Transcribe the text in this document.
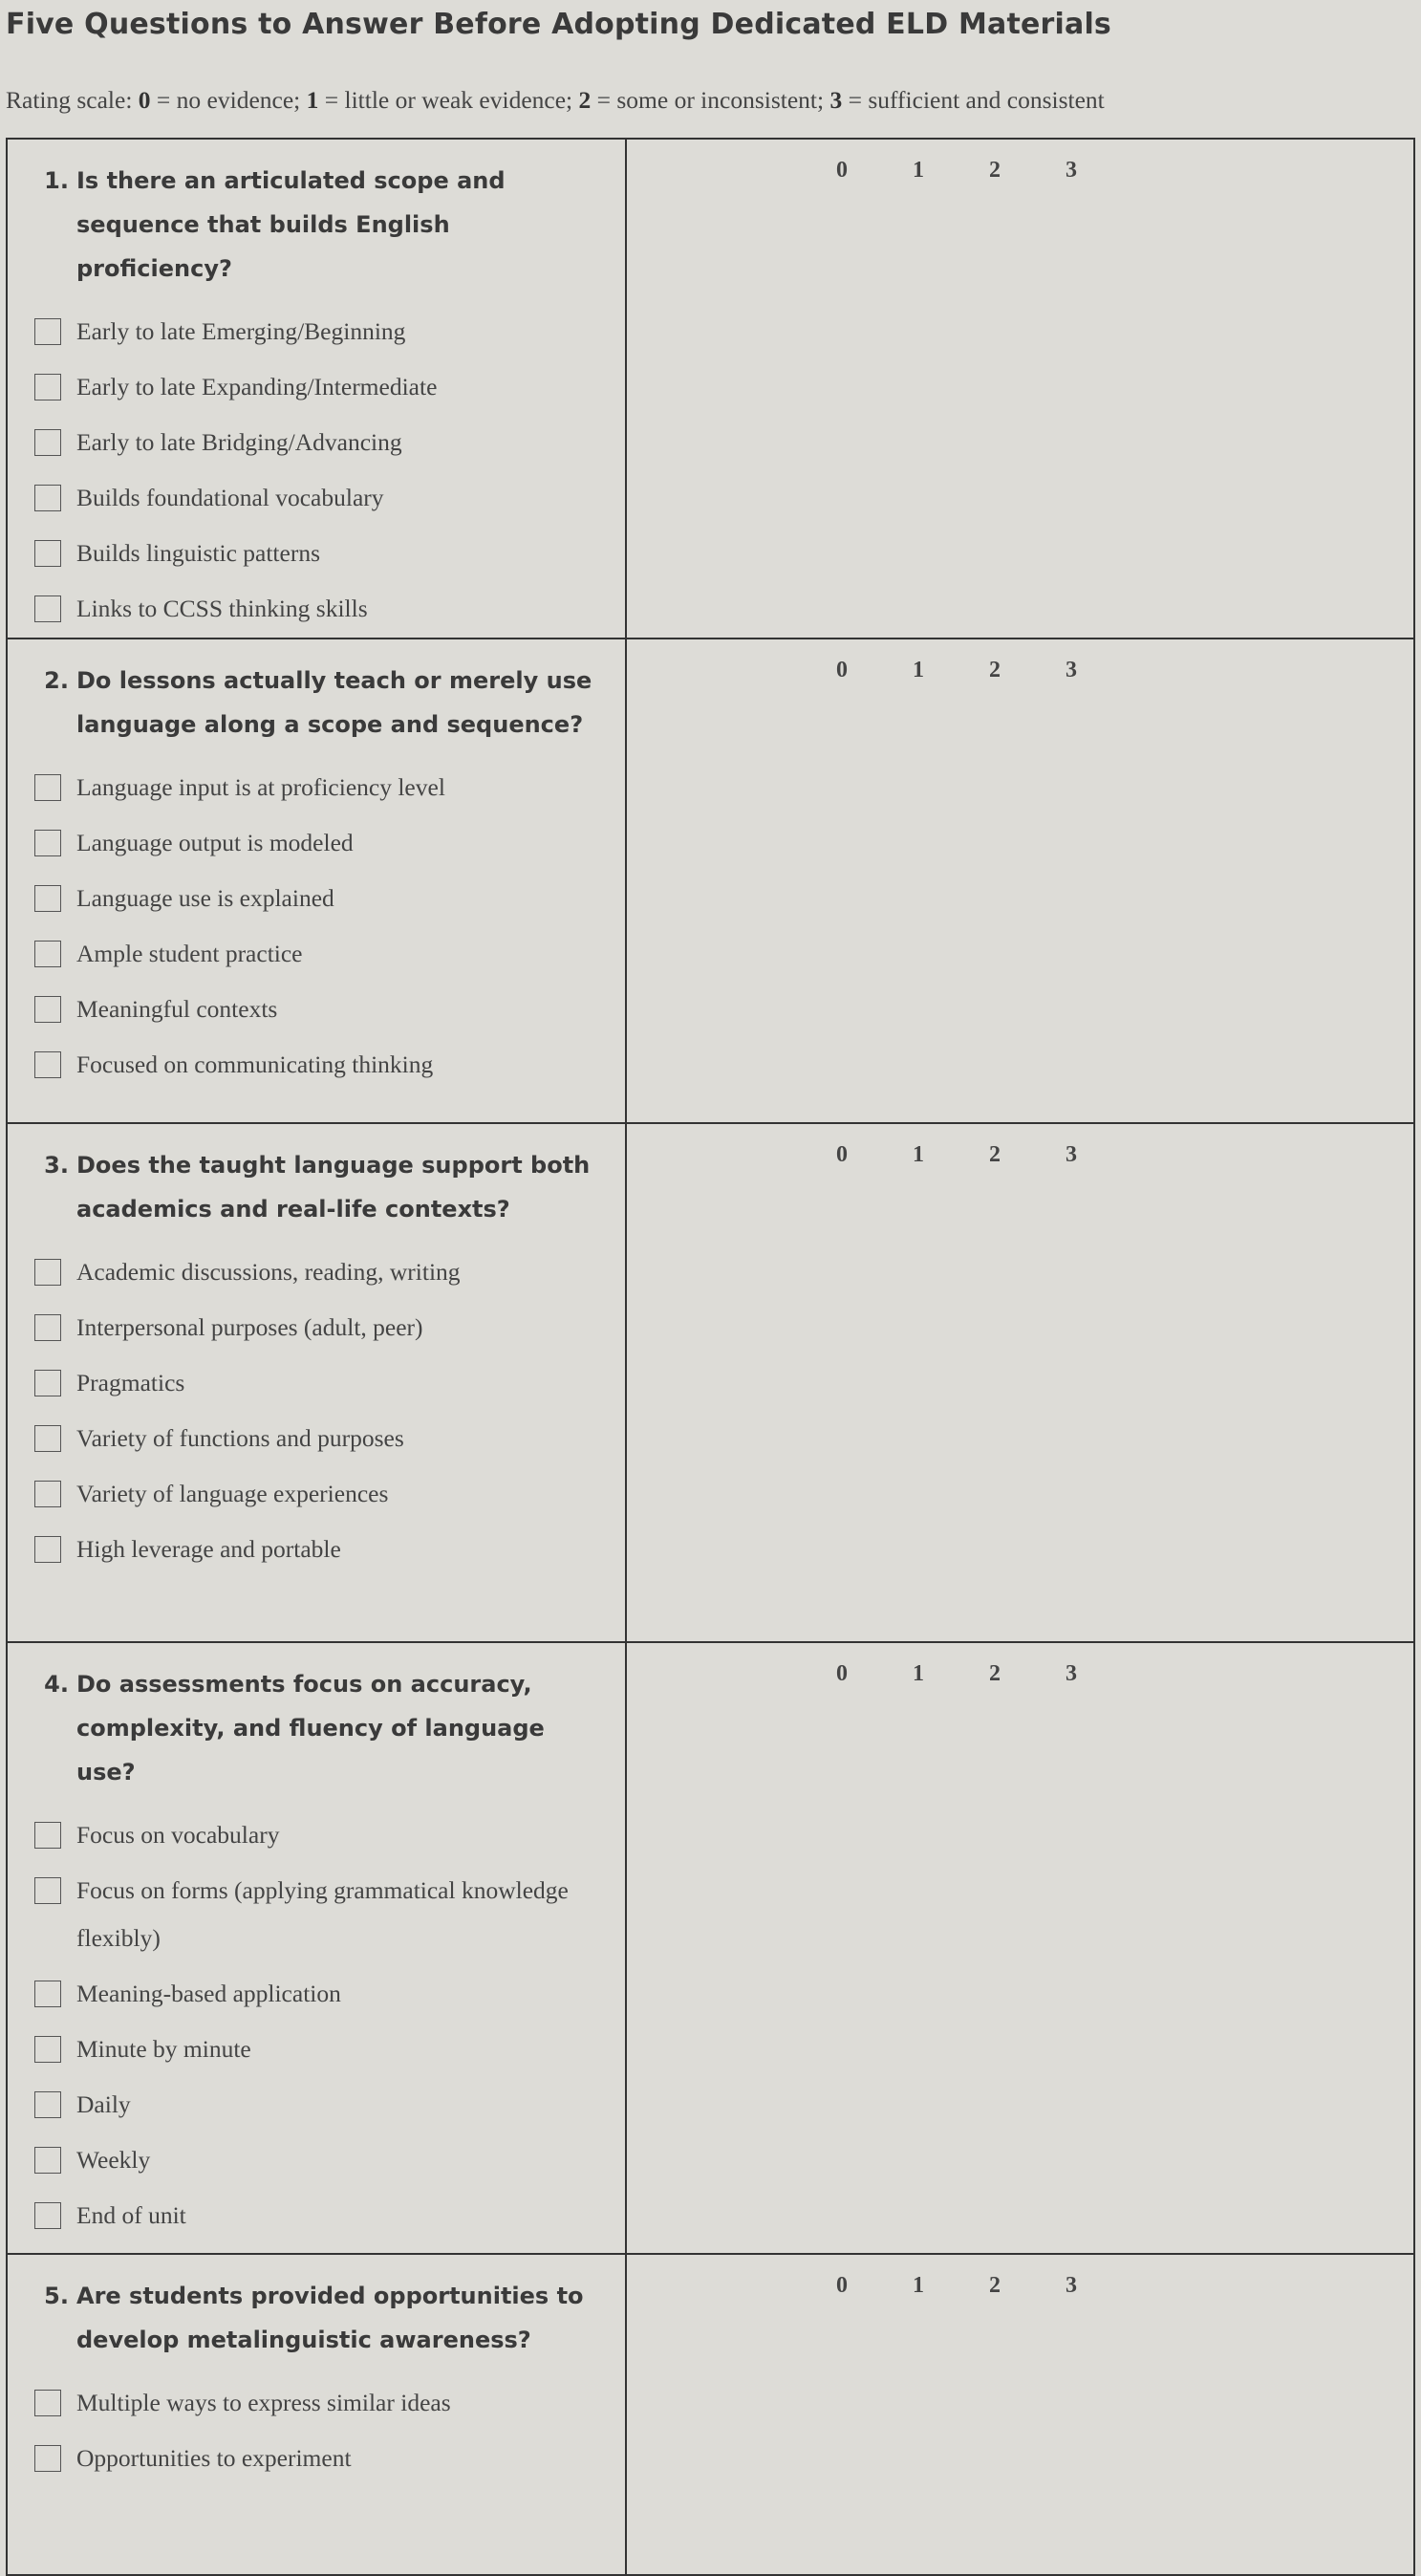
Five Questions to Answer Before Adopting Dedicated ELD Materials
Rating scale: 0 = no evidence; 1 = little or weak evidence; 2 = some or inconsistent; 3 = sufficient and consistent
1. Is there an articulated scope and sequence that builds English proficiency?
Early to late Emerging/Beginning
Early to late Expanding/Intermediate
Early to late Bridging/Advancing
Builds foundational vocabulary
Builds linguistic patterns
Links to CCSS thinking skills
0	1	2	3
2. Do lessons actually teach or merely use language along a scope and sequence?
Language input is at proficiency level
Language output is modeled
Language use is explained
Ample student practice
Meaningful contexts
Focused on communicating thinking
0	1	2	3
3. Does the taught language support both academics and real-life contexts?
Academic discussions, reading, writing
Interpersonal purposes (adult, peer)
Pragmatics
Variety of functions and purposes
Variety of language experiences
High leverage and portable
0	1	2	3
4. Do assessments focus on accuracy, complexity, and fluency of language use?
Focus on vocabulary
Focus on forms (applying grammatical knowledge flexibly)
Meaning-based application
Minute by minute
Daily
Weekly
End of unit
0	1	2	3
5. Are students provided opportunities to develop metalinguistic awareness?
Multiple ways to express similar ideas
Opportunities to experiment
0	1	2	3
